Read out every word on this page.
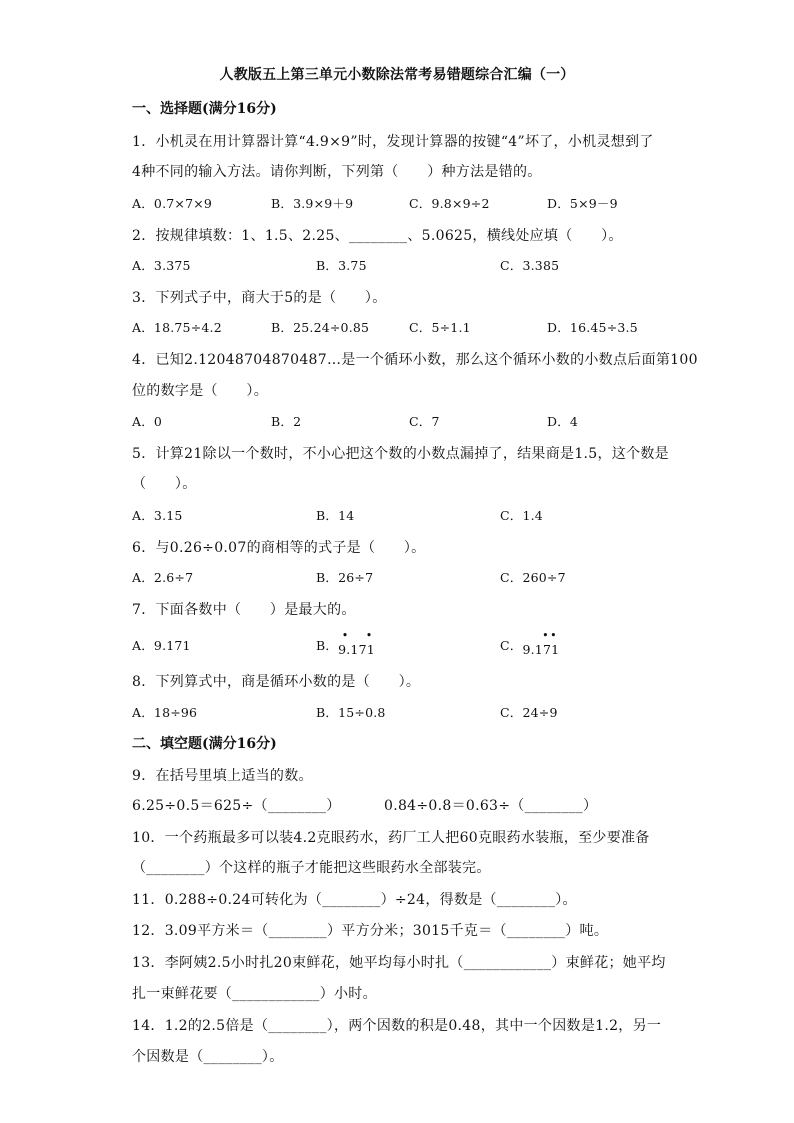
人教版五上第三单元小数除法常考易错题综合汇编（一）
一、选择题(满分16分)
1．小机灵在用计算器计算“4.9×9”时，发现计算器的按键“4”坏了，小机灵想到了
4种不同的输入方法。请你判断，下列第（　　）种方法是错的。
A．0.7×7×9	B．3.9×9＋9	C．9.8×9÷2	D．5×9－9
2．按规律填数：1、1.5、2.25、________、5.0625，横线处应填（　　）。
A．3.375	B．3.75	C．3.385
3．下列式子中，商大于5的是（　　）。
A．18.75÷4.2	B．25.24÷0.85	C．5÷1.1	D．16.45÷3.5
4．已知2.12048704870487…是一个循环小数，那么这个循环小数的小数点后面第100
位的数字是（　　）。
A．0	B．2	C．7	D．4
5．计算21除以一个数时，不小心把这个数的小数点漏掉了，结果商是1.5，这个数是
（　　）。
A．3.15	B．14	C．1.4
6．与0.26÷0.07的商相等的式子是（　　）。
A．2.6÷7	B．26÷7	C．260÷7
7．下面各数中（　　）是最大的。
A．9.171	B．9.171
• •
C．9.171
• •
8．下列算式中，商是循环小数的是（　　）。
A．18÷96	B．15÷0.8	C．24÷9
二、填空题(满分16分)
9．在括号里填上适当的数。
6.25÷0.5＝625÷（________）	0.84÷0.8＝0.63÷（________）
10．一个药瓶最多可以装4.2克眼药水，药厂工人把60克眼药水装瓶，至少要准备
（________）个这样的瓶子才能把这些眼药水全部装完。
11．0.288÷0.24可转化为（________）÷24，得数是（________）。
12．3.09平方米＝（________）平方分米；3015千克＝（________）吨。
13．李阿姨2.5小时扎20束鲜花，她平均每小时扎（____________）束鲜花；她平均
扎一束鲜花要（____________）小时。
14．1.2的2.5倍是（________），两个因数的积是0.48，其中一个因数是1.2，另一
个因数是（________）。
